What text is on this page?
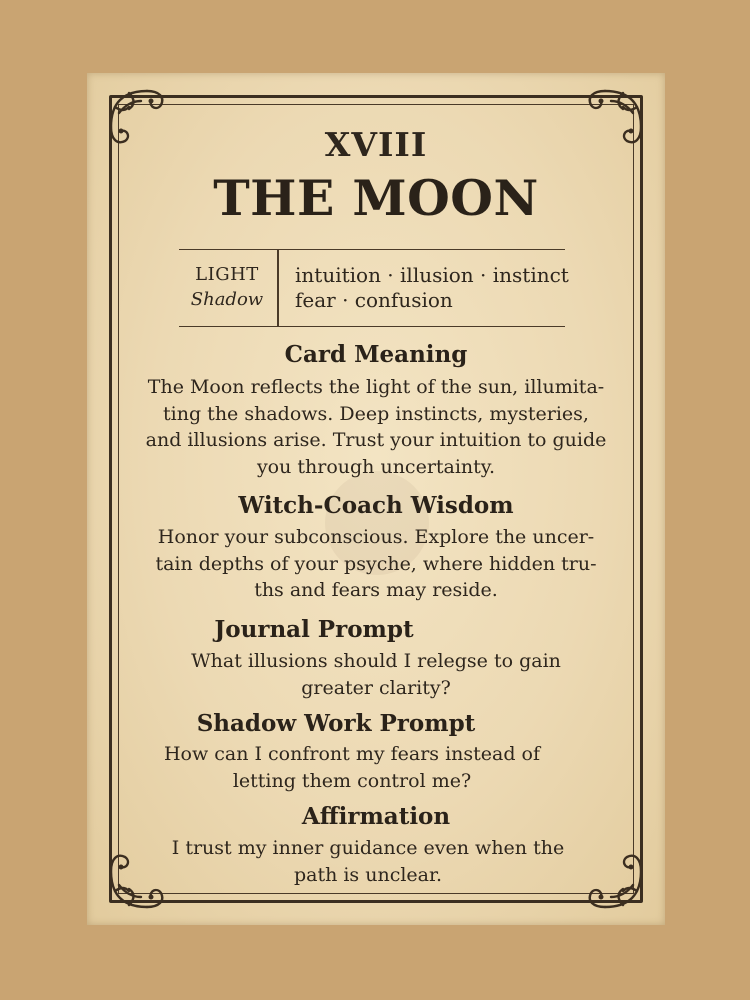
XVIII
THE MOON
LIGHT
Shadow
intuition · illusion · instinct
fear · confusion
Card Meaning
The Moon reflects the light of the sun, illumita-
ting the shadows. Deep instincts, mysteries,
and illusions arise. Trust your intuition to guide
you through uncertainty.
Witch-Coach Wisdom
Honor your subconscious. Explore the uncer-
tain depths of your psyche, where hidden tru-
ths and fears may reside.
Journal Prompt
What illusions should I relegse to gain
greater clarity?
Shadow Work Prompt
How can I confront my fears instead of
letting them control me?
Affirmation
I trust my inner guidance even when the
path is unclear.
